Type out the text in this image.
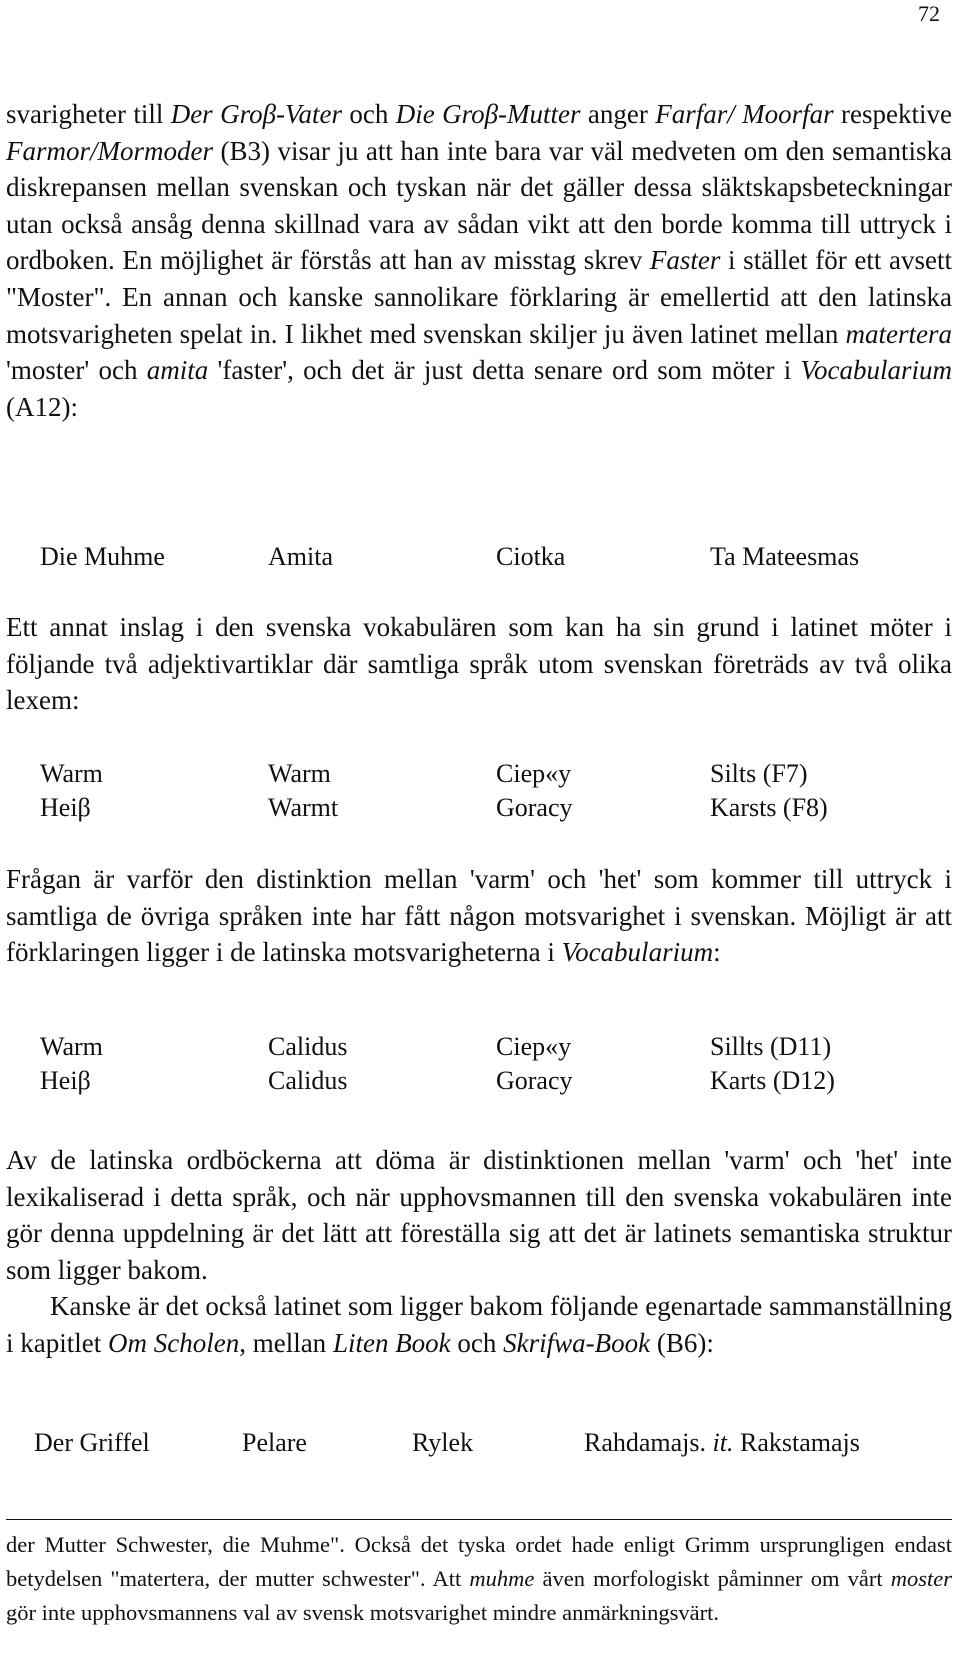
72
svarigheter till Der Groβ-Vater och Die Groβ-Mutter anger Farfar/ Moorfar respektive Farmor/Mormoder (B3) visar ju att han inte bara var väl medveten om den semantiska diskrepansen mellan svenskan och tyskan när det gäller dessa släktskapsbeteckningar utan också ansåg denna skillnad vara av sådan vikt att den borde komma till uttryck i ordboken. En möjlighet är förstås att han av misstag skrev Faster i stället för ett avsett "Moster". En annan och kanske sannolikare förklaring är emellertid att den latinska motsvarigheten spelat in. I likhet med svenskan skiljer ju även latinet mellan matertera 'moster' och amita 'faster', och det är just detta senare ord som möter i Vocabularium (A12):
Die Muhme	Amita	Ciotka	Ta Mateesmas
Ett annat inslag i den svenska vokabulären som kan ha sin grund i latinet möter i följande två adjektivartiklar där samtliga språk utom svenskan företräds av två olika lexem:
Warm	Warm	Ciep«y	Silts (F7)
Heiβ	Warmt	Goracy	Karsts (F8)
Frågan är varför den distinktion mellan 'varm' och 'het' som kommer till uttryck i samtliga de övriga språken inte har fått någon motsvarighet i svenskan. Möjligt är att förklaringen ligger i de latinska motsvarigheterna i Vocabularium:
Warm	Calidus	Ciep«y	Sillts (D11)
Heiβ	Calidus	Goracy	Karts (D12)
Av de latinska ordböckerna att döma är distinktionen mellan 'varm' och 'het' inte lexikaliserad i detta språk, och när upphovsmannen till den svenska vokabulären inte gör denna uppdelning är det lätt att föreställa sig att det är latinets semantiska struktur som ligger bakom.
Kanske är det också latinet som ligger bakom följande egenartade sammanställning i kapitlet Om Scholen, mellan Liten Book och Skrifwa-Book (B6):
Der Griffel	Pelare	Rylek	Rahdamajs. it. Rakstamajs
der Mutter Schwester, die Muhme". Också det tyska ordet hade enligt Grimm ursprungligen endast betydelsen "matertera, der mutter schwester". Att muhme även morfologiskt påminner om vårt moster gör inte upphovsmannens val av svensk motsvarighet mindre anmärkningsvärt.
